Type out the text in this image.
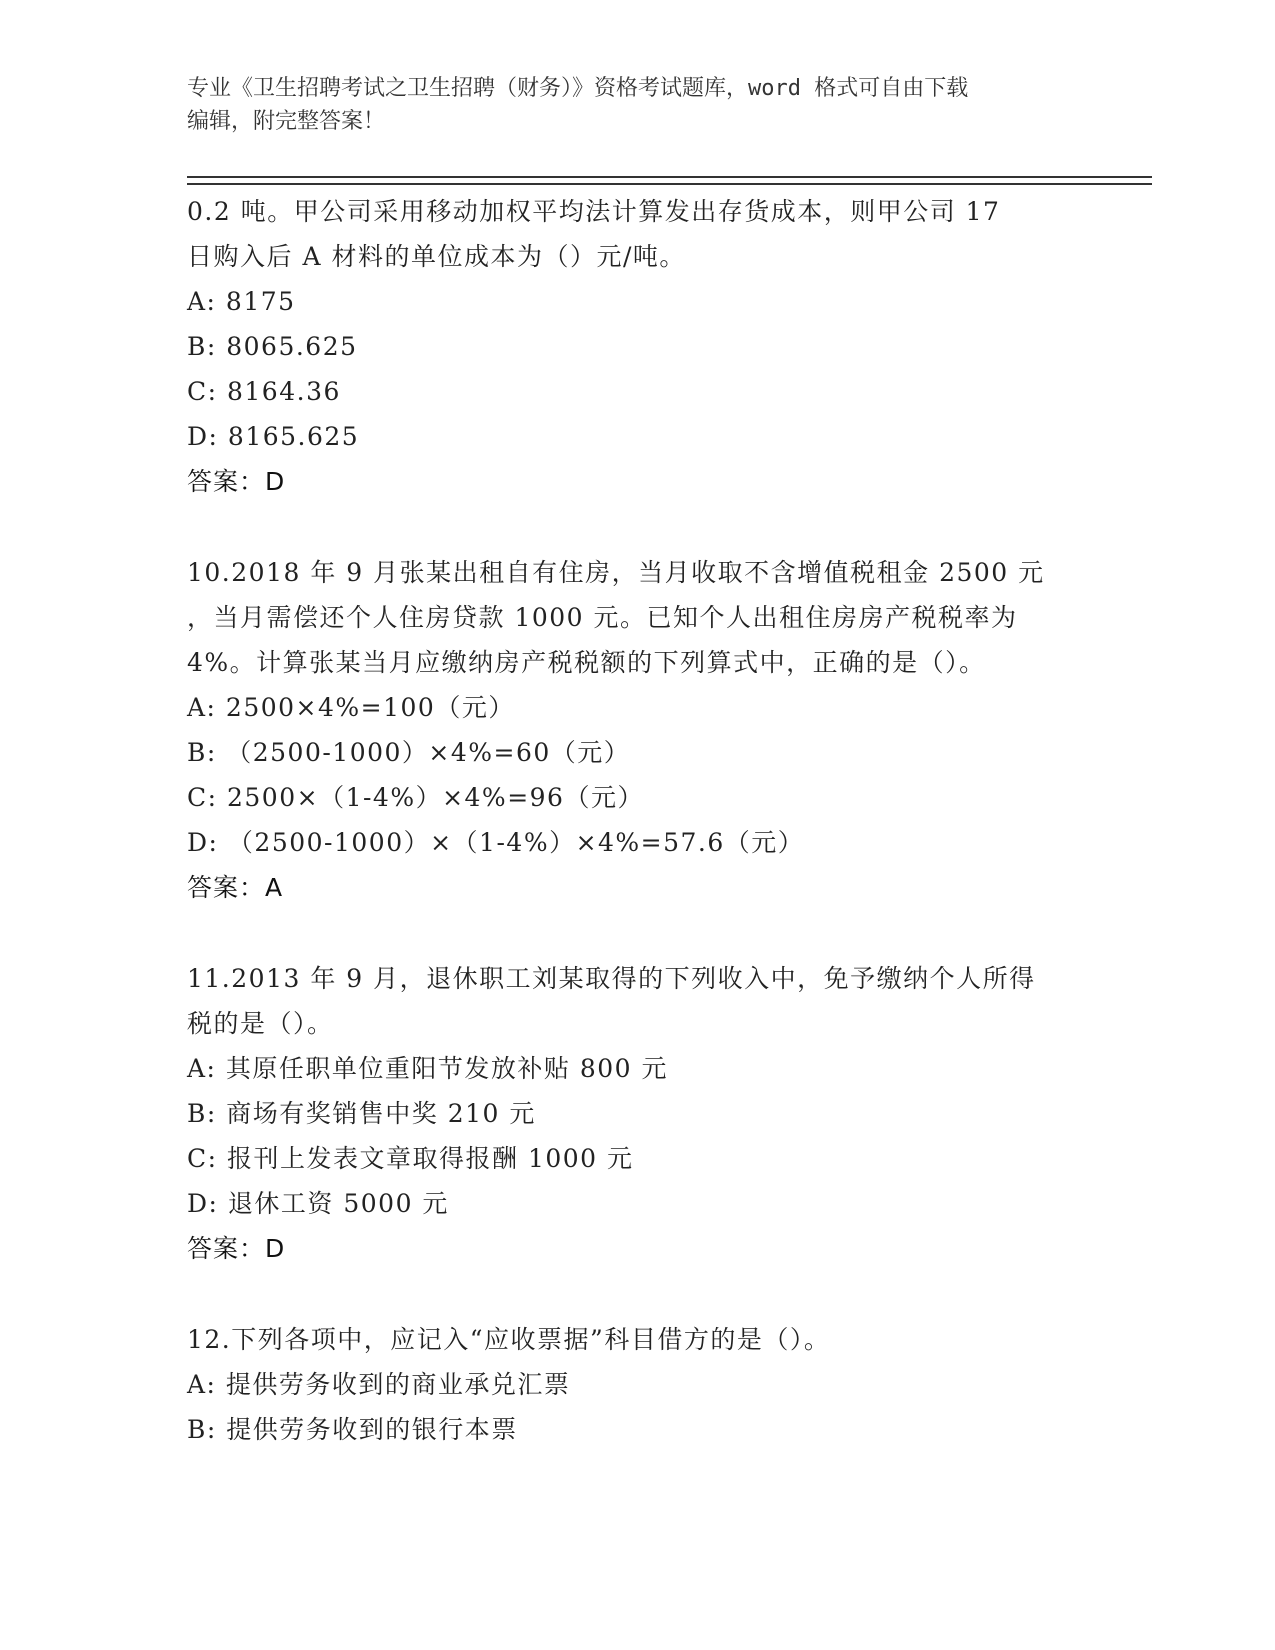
专业《卫生招聘考试之卫生招聘（财务）》资格考试题库，word 格式可自由下载
编辑，附完整答案！
0.2 吨。甲公司采用移动加权平均法计算发出存货成本，则甲公司 17
日购入后 A 材料的单位成本为（）元/吨。
A: 8175
B: 8065.625
C: 8164.36
D: 8165.625
答案：D
10.2018 年 9 月张某出租自有住房，当月收取不含增值税租金 2500 元
，当月需偿还个人住房贷款 1000 元。已知个人出租住房房产税税率为
4%。计算张某当月应缴纳房产税税额的下列算式中，正确的是（）。
A: 2500×4%=100（元）
B: （2500-1000）×4%=60（元）
C: 2500×（1-4%）×4%=96（元）
D: （2500-1000）×（1-4%）×4%=57.6（元）
答案：A
11.2013 年 9 月，退休职工刘某取得的下列收入中，免予缴纳个人所得
税的是（）。
A: 其原任职单位重阳节发放补贴 800 元
B: 商场有奖销售中奖 210 元
C: 报刊上发表文章取得报酬 1000 元
D: 退休工资 5000 元
答案：D
12.下列各项中，应记入“应收票据”科目借方的是（）。
A: 提供劳务收到的商业承兑汇票
B: 提供劳务收到的银行本票
